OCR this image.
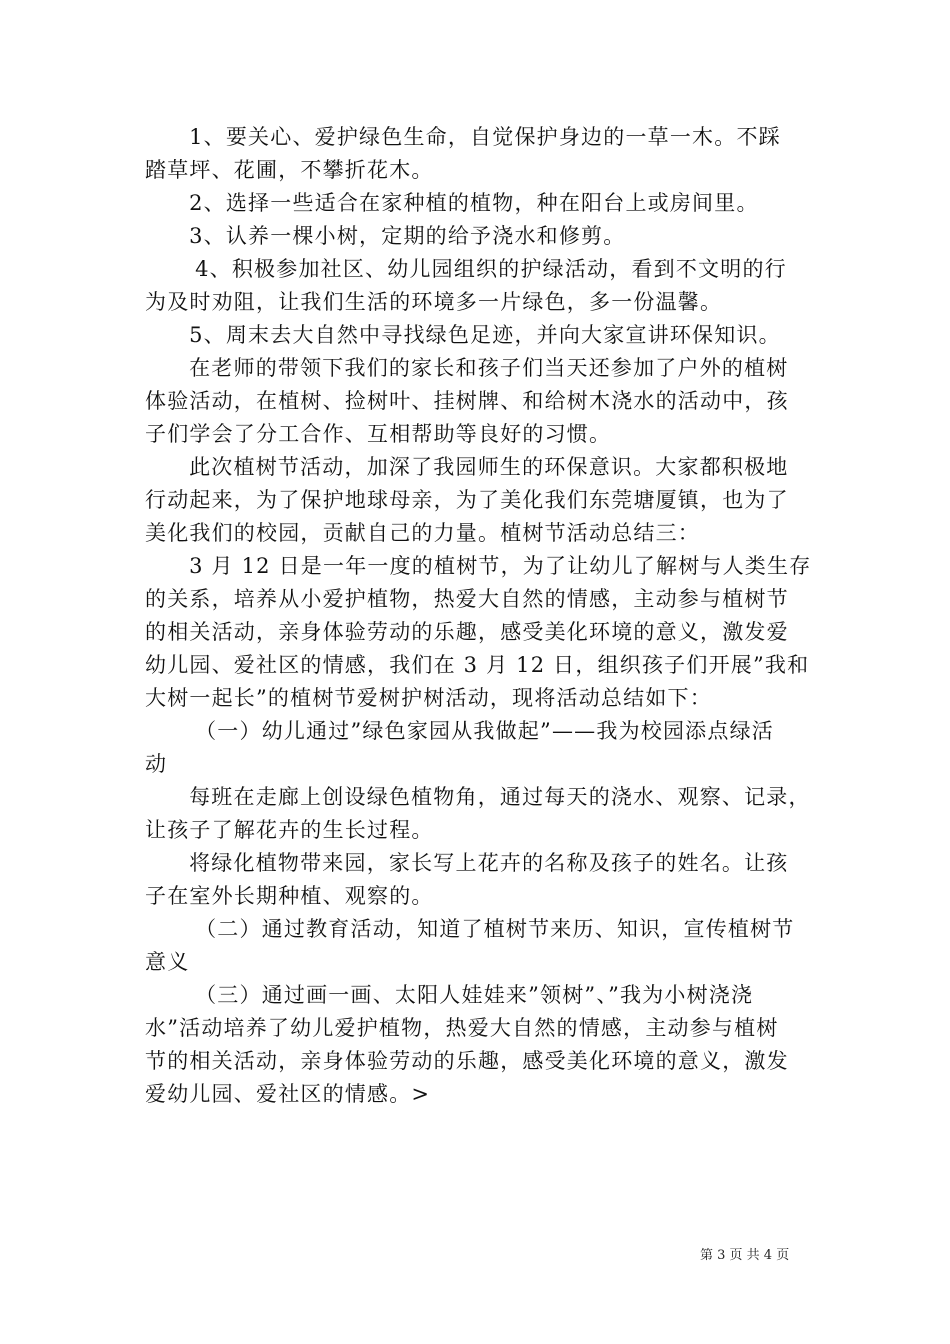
1、要关心、爱护绿色生命，自觉保护身边的一草一木。不踩
踏草坪、花圃，不攀折花木。
2、选择一些适合在家种植的植物，种在阳台上或房间里。
3、认养一棵小树，定期的给予浇水和修剪。
4、积极参加社区、幼儿园组织的护绿活动，看到不文明的行
为及时劝阻，让我们生活的环境多一片绿色，多一份温馨。
5、周末去大自然中寻找绿色足迹，并向大家宣讲环保知识。
在老师的带领下我们的家长和孩子们当天还参加了户外的植树
体验活动，在植树、捡树叶、挂树牌、和给树木浇水的活动中，孩
子们学会了分工合作、互相帮助等良好的习惯。
此次植树节活动，加深了我园师生的环保意识。大家都积极地
行动起来，为了保护地球母亲，为了美化我们东莞塘厦镇，也为了
美化我们的校园，贡献自己的力量。植树节活动总结三：
3 月 12 日是一年一度的植树节，为了让幼儿了解树与人类生存
的关系，培养从小爱护植物，热爱大自然的情感，主动参与植树节
的相关活动，亲身体验劳动的乐趣，感受美化环境的意义，激发爱
幼儿园、爱社区的情感，我们在 3 月 12 日，组织孩子们开展”我和
大树一起长”的植树节爱树护树活动，现将活动总结如下：
（一）幼儿通过”绿色家园从我做起”——我为校园添点绿活
动
每班在走廊上创设绿色植物角，通过每天的浇水、观察、记录，
让孩子了解花卉的生长过程。
将绿化植物带来园，家长写上花卉的名称及孩子的姓名。让孩
子在室外长期种植、观察的。
（二）通过教育活动，知道了植树节来历、知识，宣传植树节
意义
（三）通过画一画、太阳人娃娃来”领树”、”我为小树浇浇
水”活动培养了幼儿爱护植物，热爱大自然的情感，主动参与植树
节的相关活动，亲身体验劳动的乐趣，感受美化环境的意义，激发
爱幼儿园、爱社区的情感。>
第 3 页 共 4 页
